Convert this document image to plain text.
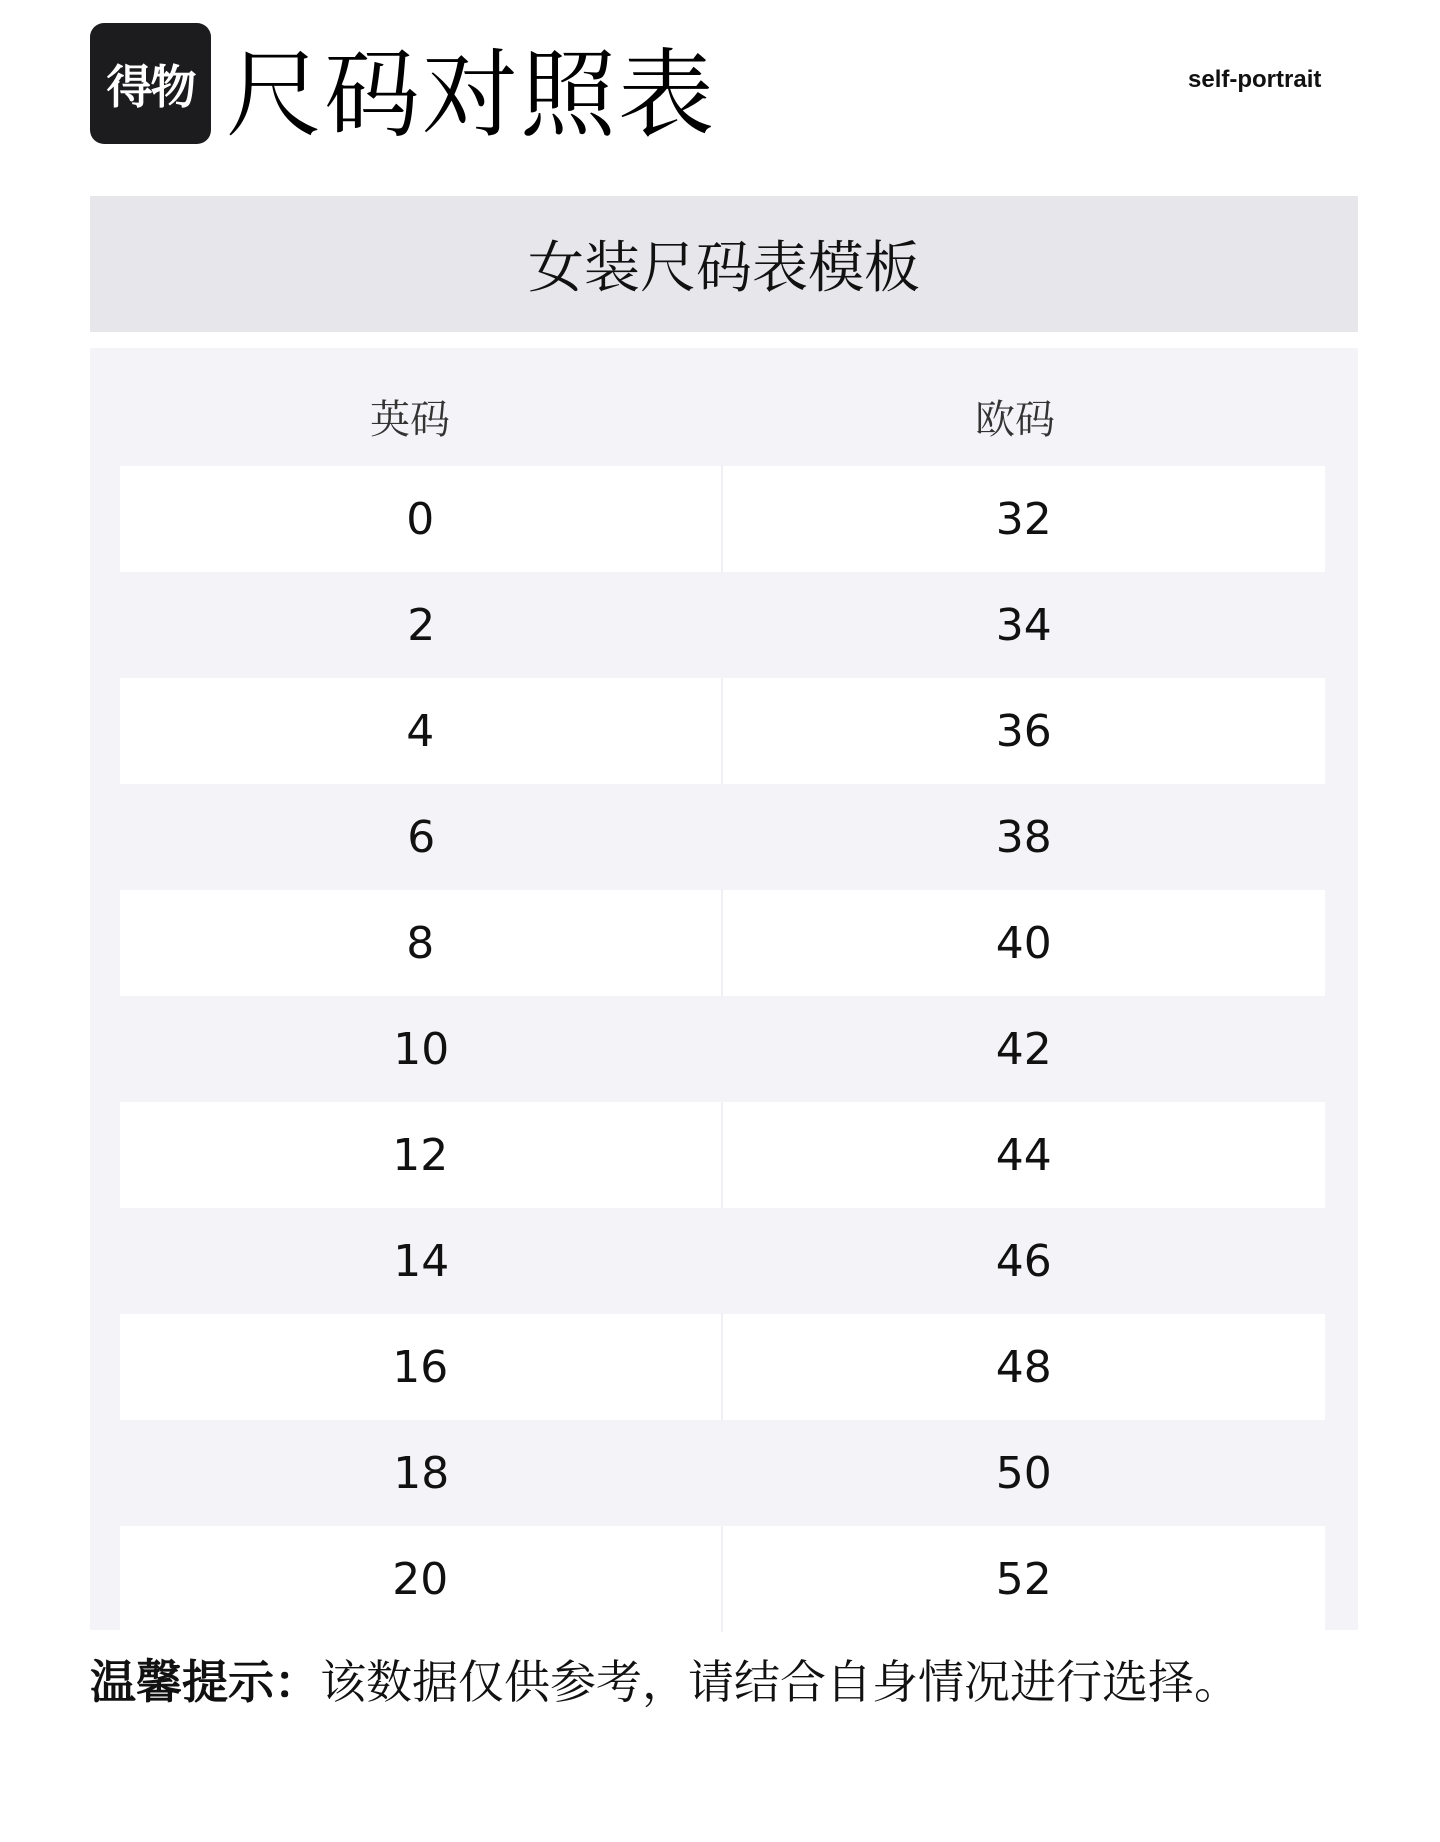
得物 尺码对照表	self-portrait
女装尺码表模板
英码	欧码
0	32
2	34
4	36
6	38
8	40
10	42
12	44
14	46
16	48
18	50
20	52

温馨提示：该数据仅供参考，请结合自身情况进行选择。
